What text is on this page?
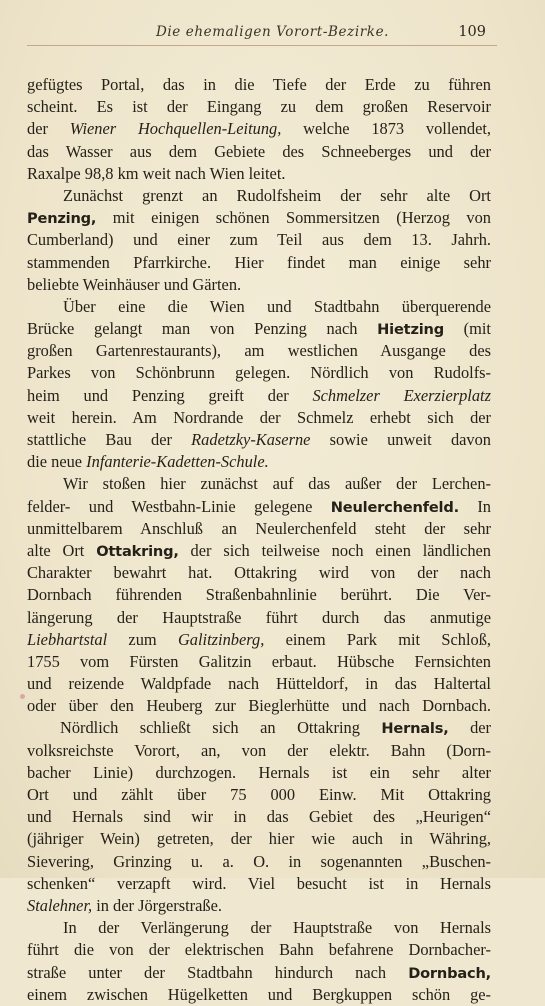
Die ehemaligen Vorort-Bezirke.	109
gefügtes Portal, das in die Tiefe der Erde zu führen
scheint. Es ist der Eingang zu dem großen Reservoir
der Wiener Hochquellen-Leitung, welche 1873 vollendet,
das Wasser aus dem Gebiete des Schneeberges und der
Raxalpe 98,8 km weit nach Wien leitet.
Zunächst grenzt an Rudolfsheim der sehr alte Ort
Penzing, mit einigen schönen Sommersitzen (Herzog von
Cumberland) und einer zum Teil aus dem 13. Jahrh.
stammenden Pfarrkirche. Hier findet man einige sehr
beliebte Weinhäuser und Gärten.
Über eine die Wien und Stadtbahn überquerende
Brücke gelangt man von Penzing nach Hietzing (mit
großen Gartenrestaurants), am westlichen Ausgange des
Parkes von Schönbrunn gelegen. Nördlich von Rudolfs-
heim und Penzing greift der Schmelzer Exerzierplatz
weit herein. Am Nordrande der Schmelz erhebt sich der
stattliche Bau der Radetzky-Kaserne sowie unweit davon
die neue Infanterie-Kadetten-Schule.
Wir stoßen hier zunächst auf das außer der Lerchen-
felder- und Westbahn-Linie gelegene Neulerchenfeld. In
unmittelbarem Anschluß an Neulerchenfeld steht der sehr
alte Ort Ottakring, der sich teilweise noch einen ländlichen
Charakter bewahrt hat. Ottakring wird von der nach
Dornbach führenden Straßenbahnlinie berührt. Die Ver-
längerung der Hauptstraße führt durch das anmutige
Liebhartstal zum Galitzinberg, einem Park mit Schloß,
1755 vom Fürsten Galitzin erbaut. Hübsche Fernsichten
und reizende Waldpfade nach Hütteldorf, in das Haltertal
oder über den Heuberg zur Bieglerhütte und nach Dornbach.
Nördlich schließt sich an Ottakring Hernals, der
volksreichste Vorort, an, von der elektr. Bahn (Dorn-
bacher Linie) durchzogen. Hernals ist ein sehr alter
Ort und zählt über 75 000 Einw. Mit Ottakring
und Hernals sind wir in das Gebiet des „Heurigen“
(jähriger Wein) getreten, der hier wie auch in Währing,
Sievering, Grinzing u. a. O. in sogenannten „Buschen-
schenken“ verzapft wird. Viel besucht ist in Hernals
Stalehner, in der Jörgerstraße.
In der Verlängerung der Hauptstraße von Hernals
führt die von der elektrischen Bahn befahrene Dornbacher-
straße unter der Stadtbahn hindurch nach Dornbach,
einem zwischen Hügelketten und Bergkuppen schön ge-
